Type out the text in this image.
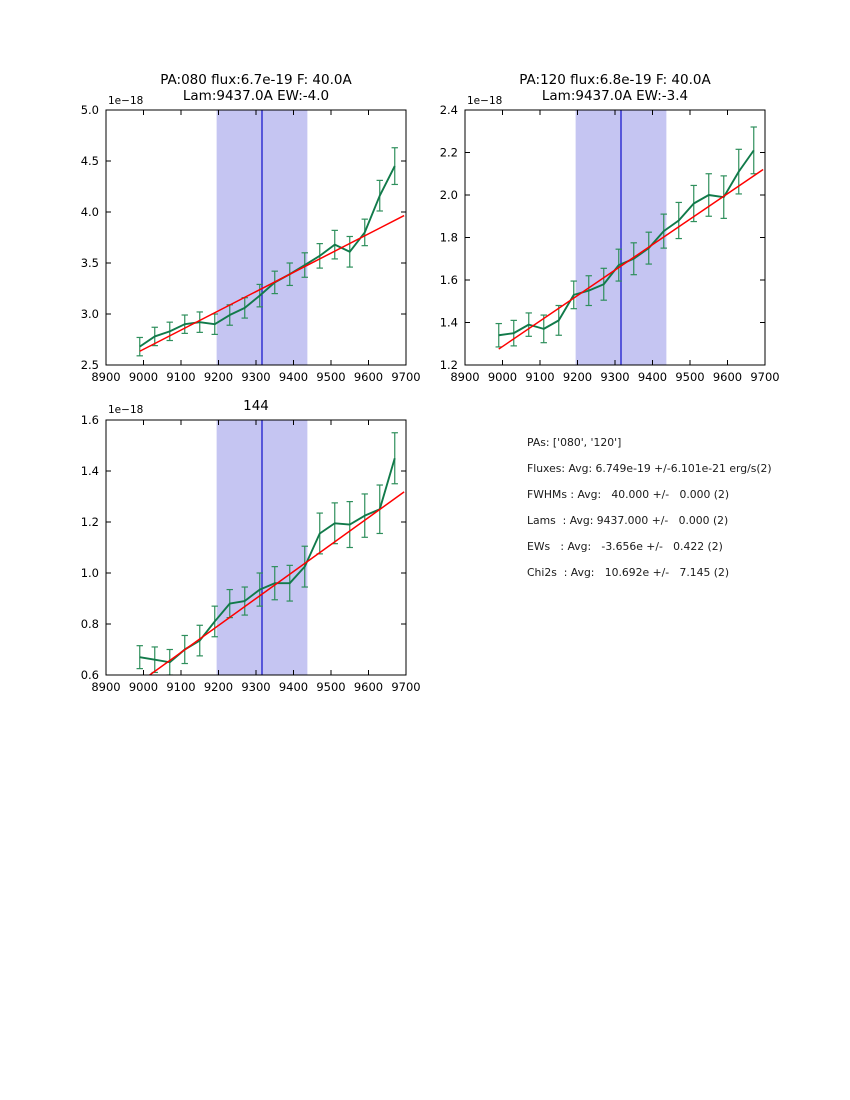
8900 9000 9100 9200 9300 9400 9500 9600 9700
2.5
3.0
3.5
4.0
4.5
5.0
8900 9000 9100 9200 9300 9400 9500 9600 9700
1.2
1.4
1.6
1.8
2.0
2.2
2.4
8900 9000 9100 9200 9300 9400 9500 9600 9700
0.6
0.8
1.0
1.2
1.4
1.6
PA:080 flux:6.7e-19 F: 40.0A
Lam:9437.0A EW:-4.0
1e−18
PA:120 flux:6.8e-19 F: 40.0A
Lam:9437.0A EW:-3.4
1e−18
144
1e−18
PAs: ['080', '120']
Fluxes: Avg: 6.749e-19 +/-6.101e-21 erg/s(2)
FWHMs : Avg:   40.000 +/-   0.000 (2)
Lams  : Avg: 9437.000 +/-   0.000 (2)
EWs   : Avg:   -3.656e +/-   0.422 (2)
Chi2s  : Avg:   10.692e +/-   7.145 (2)
